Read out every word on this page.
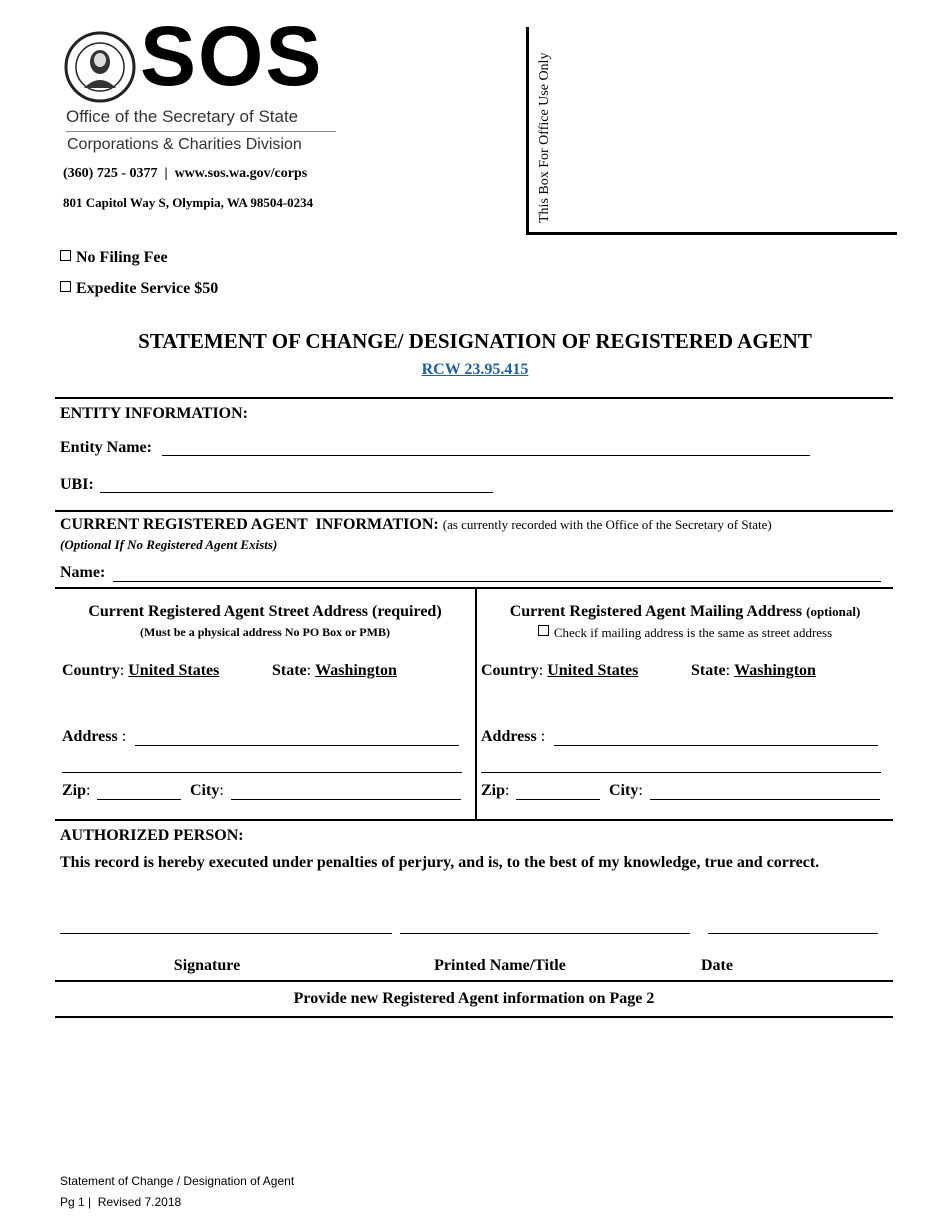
SOS
Office of the Secretary of State
Corporations & Charities Division
(360) 725 - 0377  |  www.sos.wa.gov/corps
801 Capitol Way S, Olympia, WA 98504-0234	This Box For Office Use Only
No Filing Fee
Expedite Service $50
STATEMENT OF CHANGE/ DESIGNATION OF REGISTERED AGENT
RCW 23.95.415
ENTITY INFORMATION:
Entity Name:
UBI:
CURRENT REGISTERED AGENT  INFORMATION: (as currently recorded with the Office of the Secretary of State)
(Optional If No Registered Agent Exists)
Name:
Current Registered Agent Street Address (required)
(Must be a physical address No PO Box or PMB)
Country: United States	State: Washington
Address :
Zip:	City:
Current Registered Agent Mailing Address (optional)
Check if mailing address is the same as street address
Country: United States	State: Washington
Address :
Zip:	City:
AUTHORIZED PERSON:
This record is hereby executed under penalties of perjury, and is, to the best of my knowledge, true and correct.
Signature	Printed Name/Title	Date
Provide new Registered Agent information on Page 2
Statement of Change / Designation of Agent
Pg 1 |  Revised 7.2018
